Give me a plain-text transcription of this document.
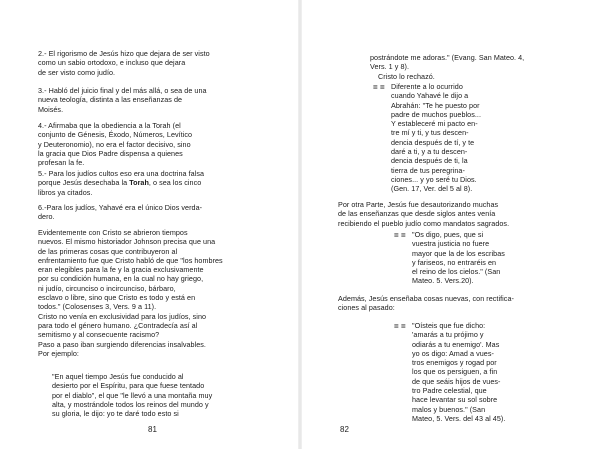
2.- El rigorismo de Jesús hizo que dejara de ser visto
como un sabio ortodoxo, e incluso que dejara
de ser visto como judío.

3.- Habló del juicio final y del más allá, o sea de una
nueva teología, distinta a las enseñanzas de
Moisés.

4.- Afirmaba que la obediencia a la Torah (el
conjunto de Génesis, Éxodo, Números, Levítico
y Deuteronomio), no era el factor decisivo, sino
la gracia que Dios Padre dispensa a quienes
profesan la fe.

5.- Para los judíos cultos eso era una doctrina falsa
porque Jesús desechaba la Torah, o sea los cinco
libros ya citados.

6.-Para los judíos, Yahavé era el único Dios verda-
dero.

Evidentemente con Cristo se abrieron tiempos
nuevos. El mismo historiador Johnson precisa que una
de las primeras cosas que contribuyeron al
enfrentamiento fue que Cristo habló de que "los hombres
eran elegibles para la fe y la gracia exclusivamente
por su condición humana, en la cual no hay griego,
ni judío, circunciso o incircunciso, bárbaro,
esclavo o libre, sino que Cristo es todo y está en
todos." (Colosenses 3, Vers. 9 a 11).
Cristo no venía en exclusividad para los judíos, sino
para todo el género humano. ¿Contradecía así al
semitismo y al consecuente racismo?
Paso a paso iban surgiendo diferencias insalvables.
Por ejemplo:

"En aquel tiempo Jesús fue conducido al
desierto por el Espíritu, para que fuese tentado
por el diablo", el que "le llevó a una montaña muy
alta, y mostrándole todos los reinos del mundo y
su gloria, le dijo: yo te daré todo esto si

81

postrándote me adoras." (Evang. San Mateo. 4,
Vers. 1 y 8).

Cristo lo rechazó.

= = Diferente a lo ocurrido
cuando Yahavé le dijo a
Abrahán: "Te he puesto por
padre de muchos pueblos...
Y estableceré mi pacto en-
tre mí y ti, y tus descen-
dencia después de tí, y te
daré a ti, y a tu descen-
dencia después de ti, la
tierra de tus peregrina-
ciones... y yo seré tu Dios.
(Gen. 17, Ver. del 5 al 8).

Por otra Parte, Jesús fue desautorizando muchas
de las enseñanzas que desde siglos antes venía
recibiendo el pueblo judío como mandatos sagrados.

= = "Os digo, pues, que si
vuestra justicia no fuere
mayor que la de los escribas
y fariseos, no entraréis en
el reino de los cielos." (San
Mateo. 5. Vers.20).

Además, Jesús enseñaba cosas nuevas, con rectifica-
ciones al pasado:

= = "Oísteis que fue dicho:
'amarás a tu prójimo y
odiarás a tu enemigo'. Mas
yo os digo: Amad a vues-
tros enemigos y rogad por
los que os persiguen, a fin
de que seáis hijos de vues-
tro Padre celestial, que
hace levantar su sol sobre
malos y buenos." (San
Mateo, 5. Vers. del 43 al 45).

82
